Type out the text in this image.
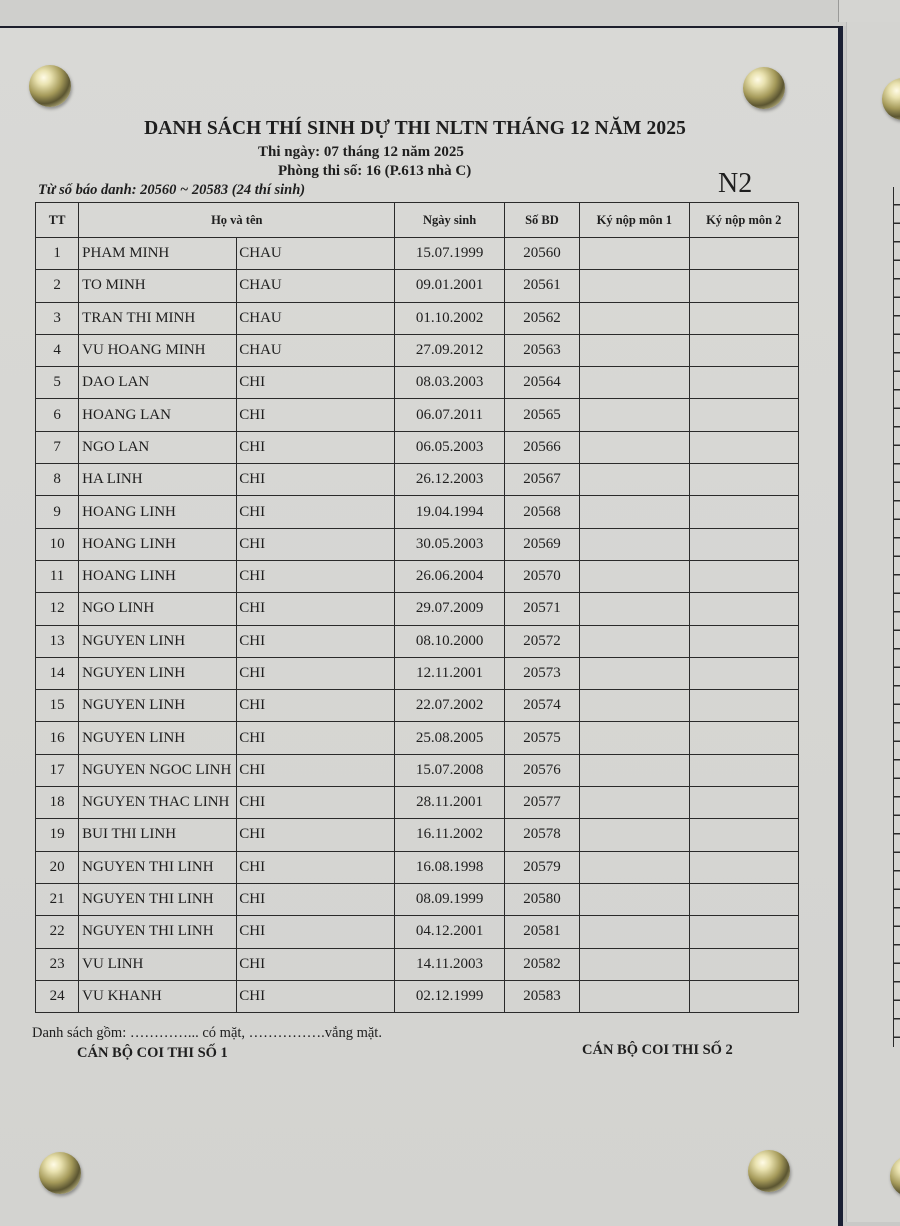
DANH SÁCH THÍ SINH DỰ THI NLTN THÁNG 12 NĂM 2025
Thi ngày: 07 tháng 12 năm 2025
Phòng thi số: 16 (P.613 nhà C)
Từ số báo danh: 20560 ~ 20583 (24 thí sinh)	N2
TT	Họ và tên		Ngày sinh	Số BD	Ký nộp môn 1	Ký nộp môn 2
1	PHAM MINH	CHAU	15.07.1999	20560		
2	TO MINH	CHAU	09.01.2001	20561		
3	TRAN THI MINH	CHAU	01.10.2002	20562		
4	VU HOANG MINH	CHAU	27.09.2012	20563		
5	DAO LAN	CHI	08.03.2003	20564		
6	HOANG LAN	CHI	06.07.2011	20565		
7	NGO LAN	CHI	06.05.2003	20566		
8	HA LINH	CHI	26.12.2003	20567		
9	HOANG LINH	CHI	19.04.1994	20568		
10	HOANG LINH	CHI	30.05.2003	20569		
11	HOANG LINH	CHI	26.06.2004	20570		
12	NGO LINH	CHI	29.07.2009	20571		
13	NGUYEN LINH	CHI	08.10.2000	20572		
14	NGUYEN LINH	CHI	12.11.2001	20573		
15	NGUYEN LINH	CHI	22.07.2002	20574		
16	NGUYEN LINH	CHI	25.08.2005	20575		
17	NGUYEN NGOC LINH	CHI	15.07.2008	20576		
18	NGUYEN THAC LINH	CHI	28.11.2001	20577		
19	BUI THI LINH	CHI	16.11.2002	20578		
20	NGUYEN THI LINH	CHI	16.08.1998	20579		
21	NGUYEN THI LINH	CHI	08.09.1999	20580		
22	NGUYEN THI LINH	CHI	04.12.2001	20581		
23	VU LINH	CHI	14.11.2003	20582		
24	VU KHANH	CHI	02.12.1999	20583		
Danh sách gồm: …………... có mặt, …………….vắng mặt.
CÁN BỘ COI THI SỐ 1	CÁN BỘ COI THI SỐ 2
